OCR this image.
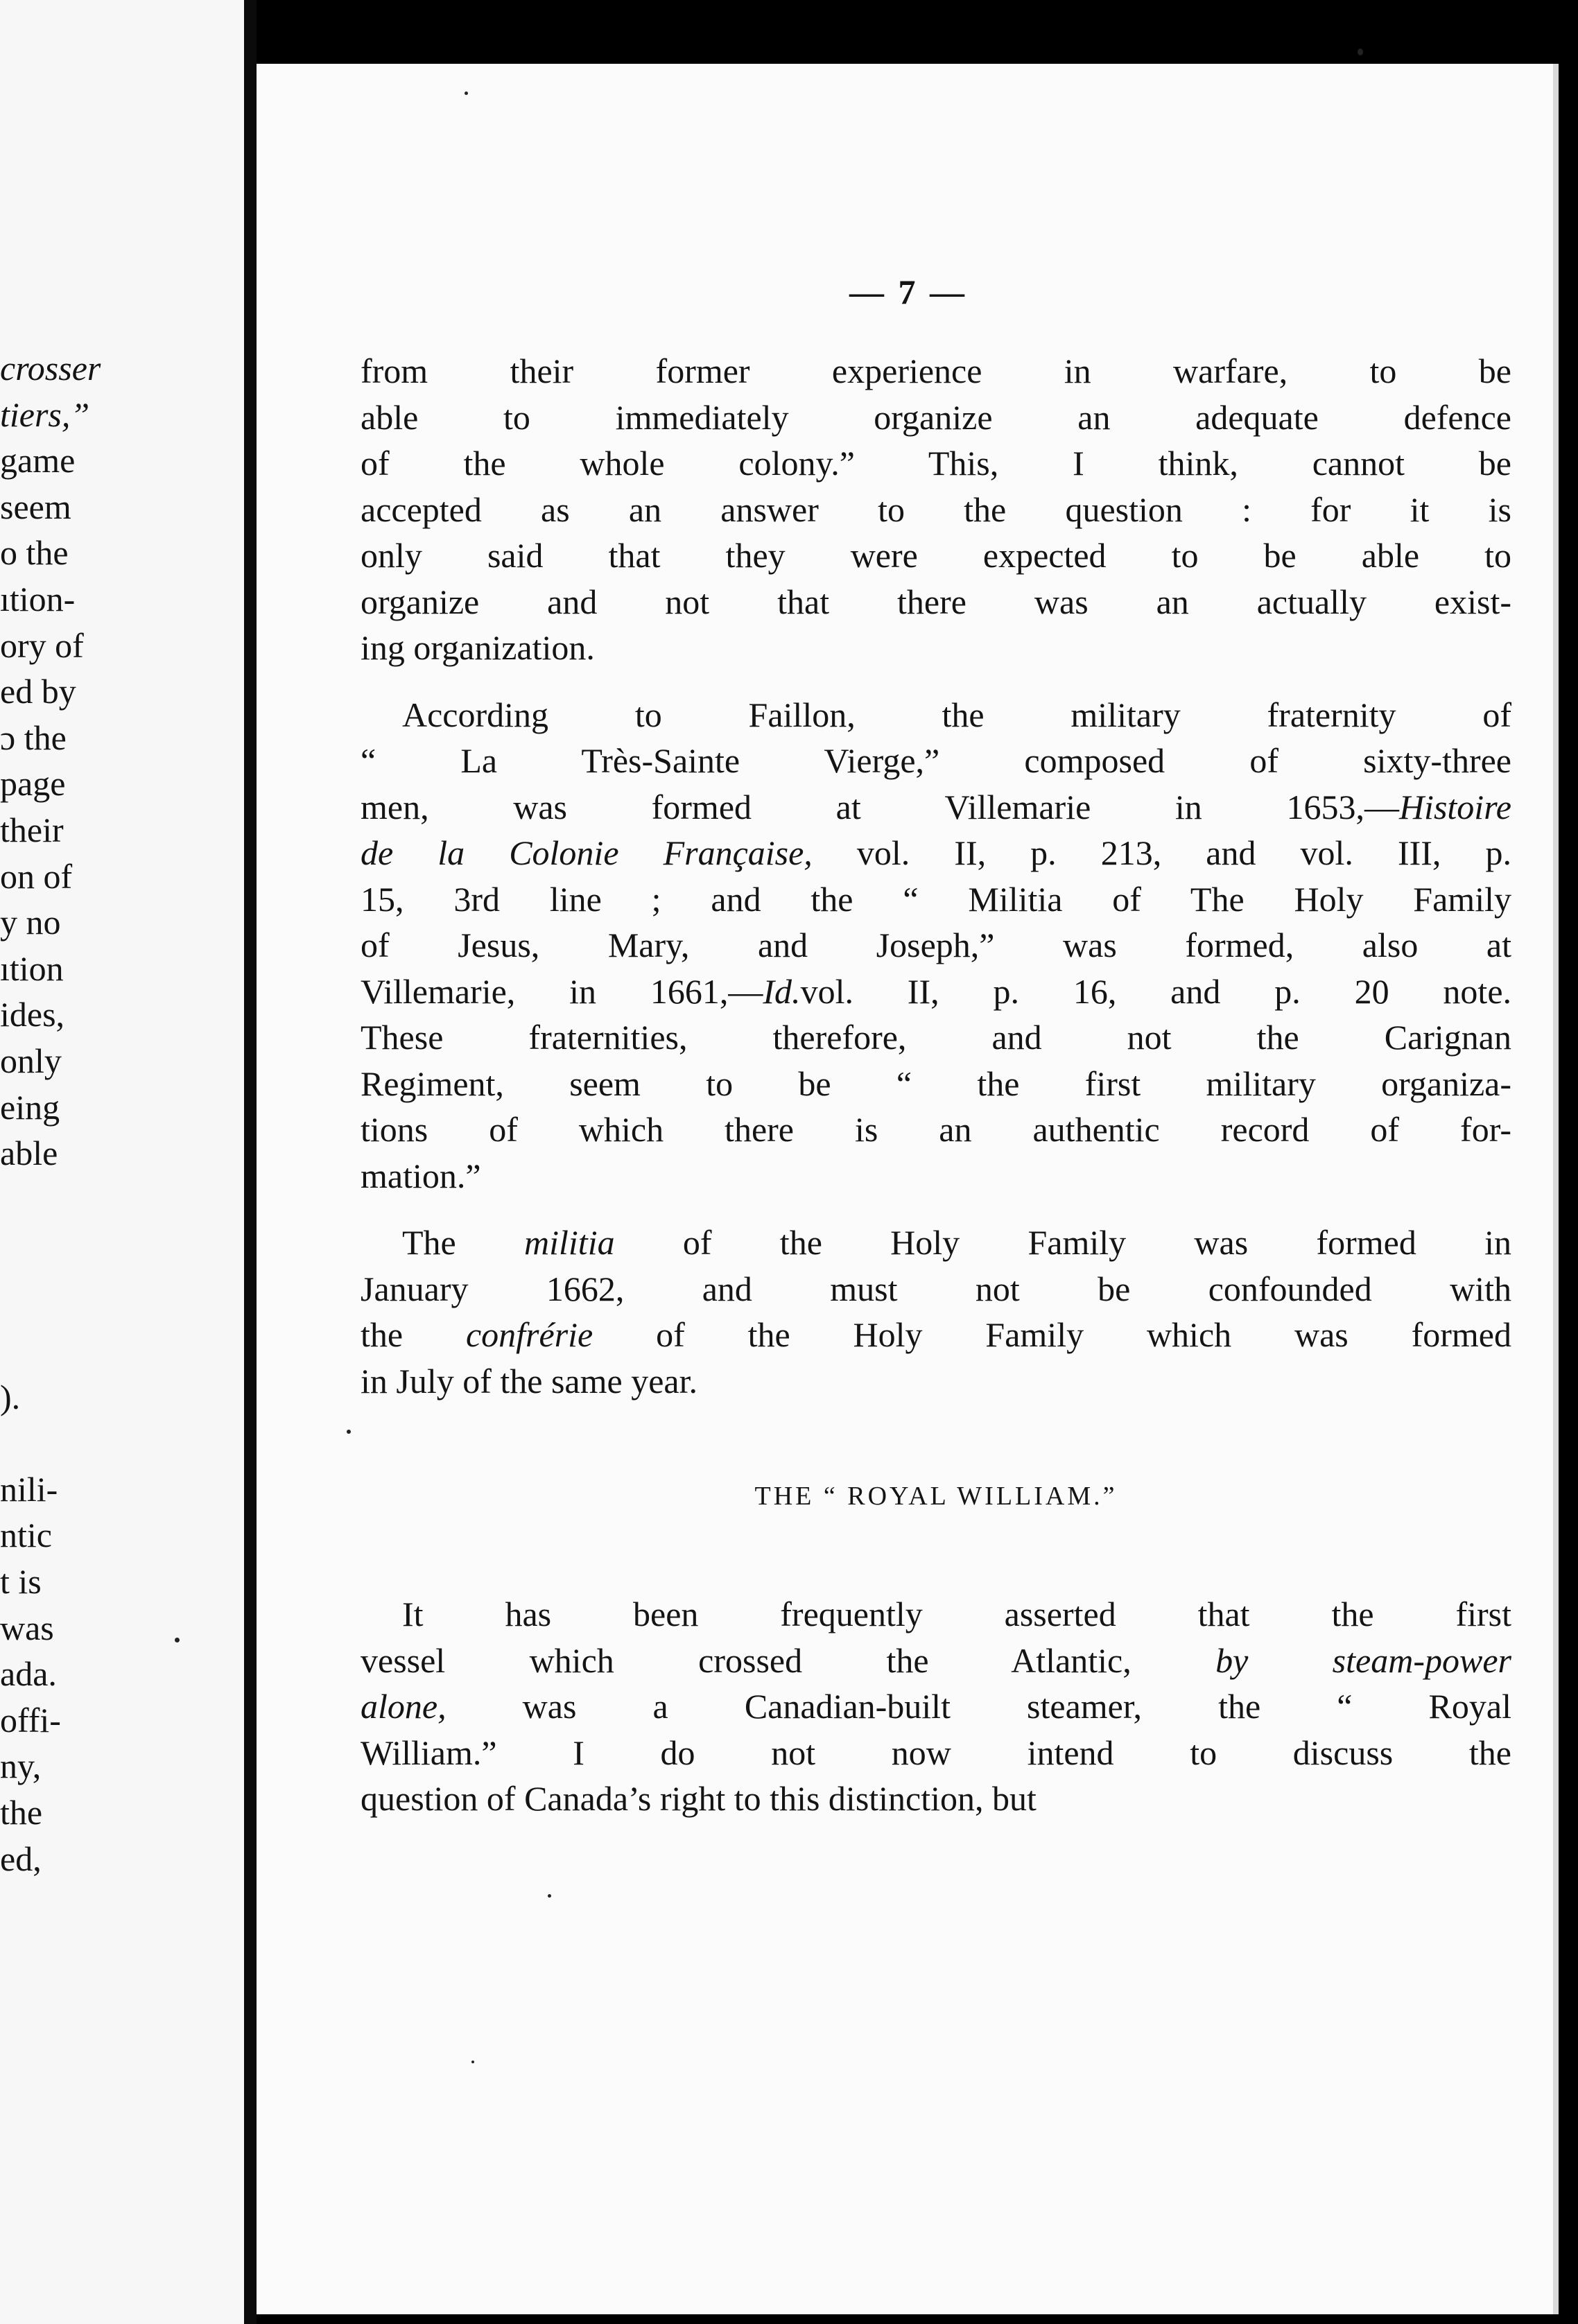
crosser
tiers,”
game
seem
o the
ıtion-
ory of
ed by
ɔ the
page
their
on of
y no
ıtion
ides,
only
eing
able
).
nili-
ntic
t is
was
ada.
offi-
ny,
the
ed,
— 7 —
from their former experience in warfare, to be
able to immediately organize an adequate defence
of the whole colony.” This, I think, cannot be
accepted as an answer to the question : for it is
only said that they were expected to be able to
organize and not that there was an actually exist-
ing organization.
According to Faillon, the military fraternity of
“ La Très-Sainte Vierge,” composed of sixty-three
men, was formed at Villemarie in 1653,—Histoire
de la Colonie Française, vol. II, p. 213, and vol. III, p.
15, 3rd line ; and the “ Militia of The Holy Family
of Jesus, Mary, and Joseph,” was formed, also at
Villemarie, in 1661,—Id.vol. II, p. 16, and p. 20 note.
These fraternities, therefore, and not the Carignan
Regiment, seem to be “ the first military organiza-
tions of which there is an authentic record of for-
mation.”
The militia of the Holy Family was formed in
January 1662, and must not be confounded with
the confrérie of the Holy Family which was formed
in July of the same year.
THE “ ROYAL WILLIAM.”
It has been frequently asserted that the first
vessel which crossed the Atlantic, by steam-power
alone, was a Canadian-built steamer, the “ Royal
William.” I do not now intend to discuss the
question of Canada’s right to this distinction, but
